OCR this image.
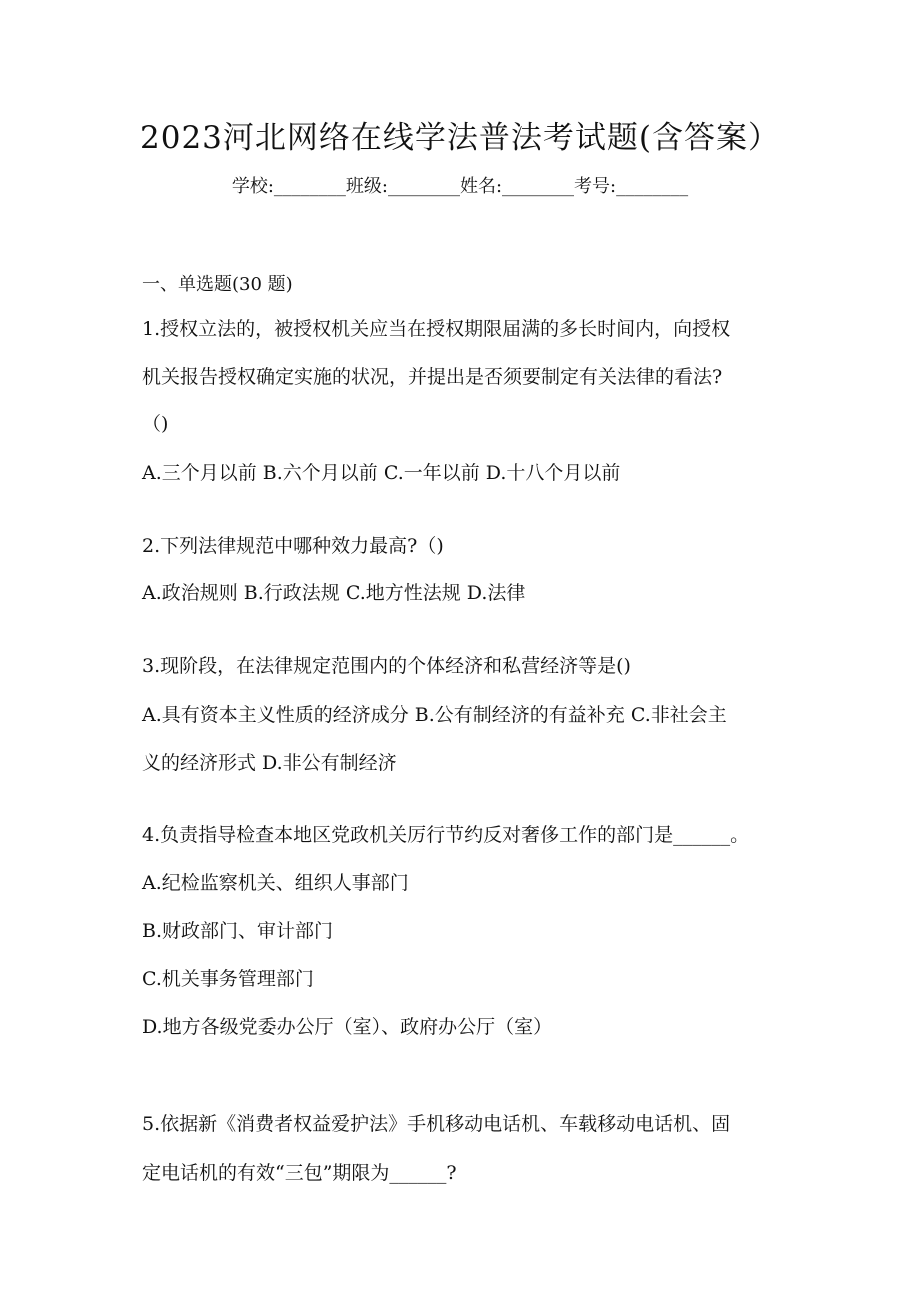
2023河北网络在线学法普法考试题(含答案）
学校:________班级:________姓名:________考号:________
一、单选题(30 题)
1.授权立法的，被授权机关应当在授权期限届满的多长时间内，向授权
机关报告授权确定实施的状况，并提出是否须要制定有关法律的看法?
（)
A.三个月以前 B.六个月以前 C.一年以前 D.十八个月以前
2.下列法律规范中哪种效力最高?（)
A.政治规则 B.行政法规 C.地方性法规 D.法律
3.现阶段，在法律规定范围内的个体经济和私营经济等是()
A.具有资本主义性质的经济成分 B.公有制经济的有益补充 C.非社会主
义的经济形式 D.非公有制经济
4.负责指导检查本地区党政机关厉行节约反对奢侈工作的部门是______。
A.纪检监察机关、组织人事部门
B.财政部门、审计部门
C.机关事务管理部门
D.地方各级党委办公厅（室）、政府办公厅（室）
5.依据新《消费者权益爱护法》手机移动电话机、车载移动电话机、固
定电话机的有效“三包”期限为______?
